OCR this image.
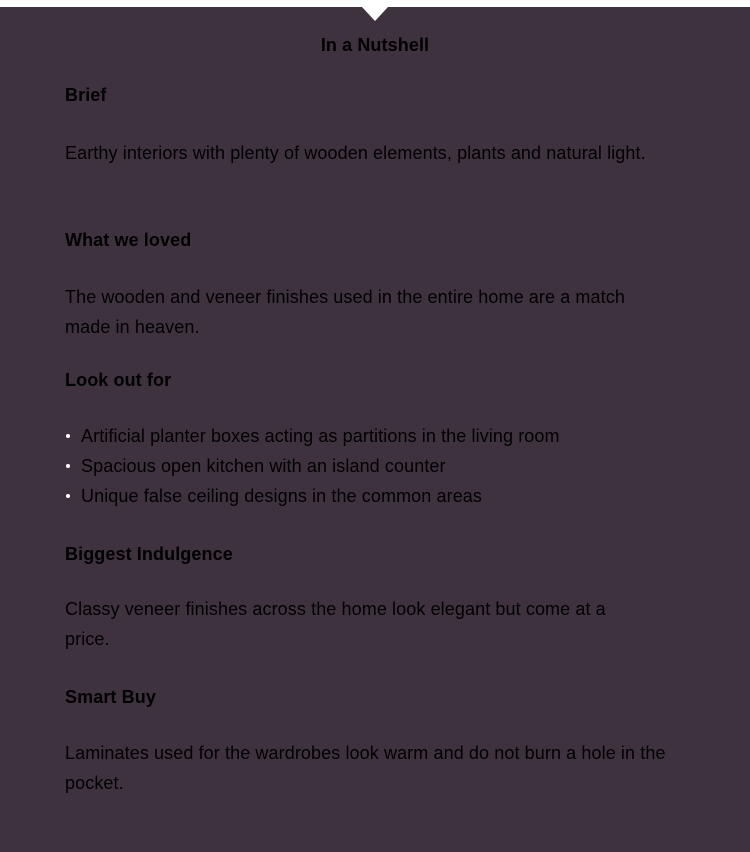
In a Nutshell
Brief

Earthy interiors with plenty of wooden elements, plants and natural light.

What we loved

The wooden and veneer finishes used in the entire home are a match made in heaven.

Look out for
Artificial planter boxes acting as partitions in the living room
Spacious open kitchen with an island counter
Unique false ceiling designs in the common areas
Biggest Indulgence

Classy veneer finishes across the home look elegant but come at a price.

Smart Buy

Laminates used for the wardrobes look warm and do not burn a hole in the pocket.
